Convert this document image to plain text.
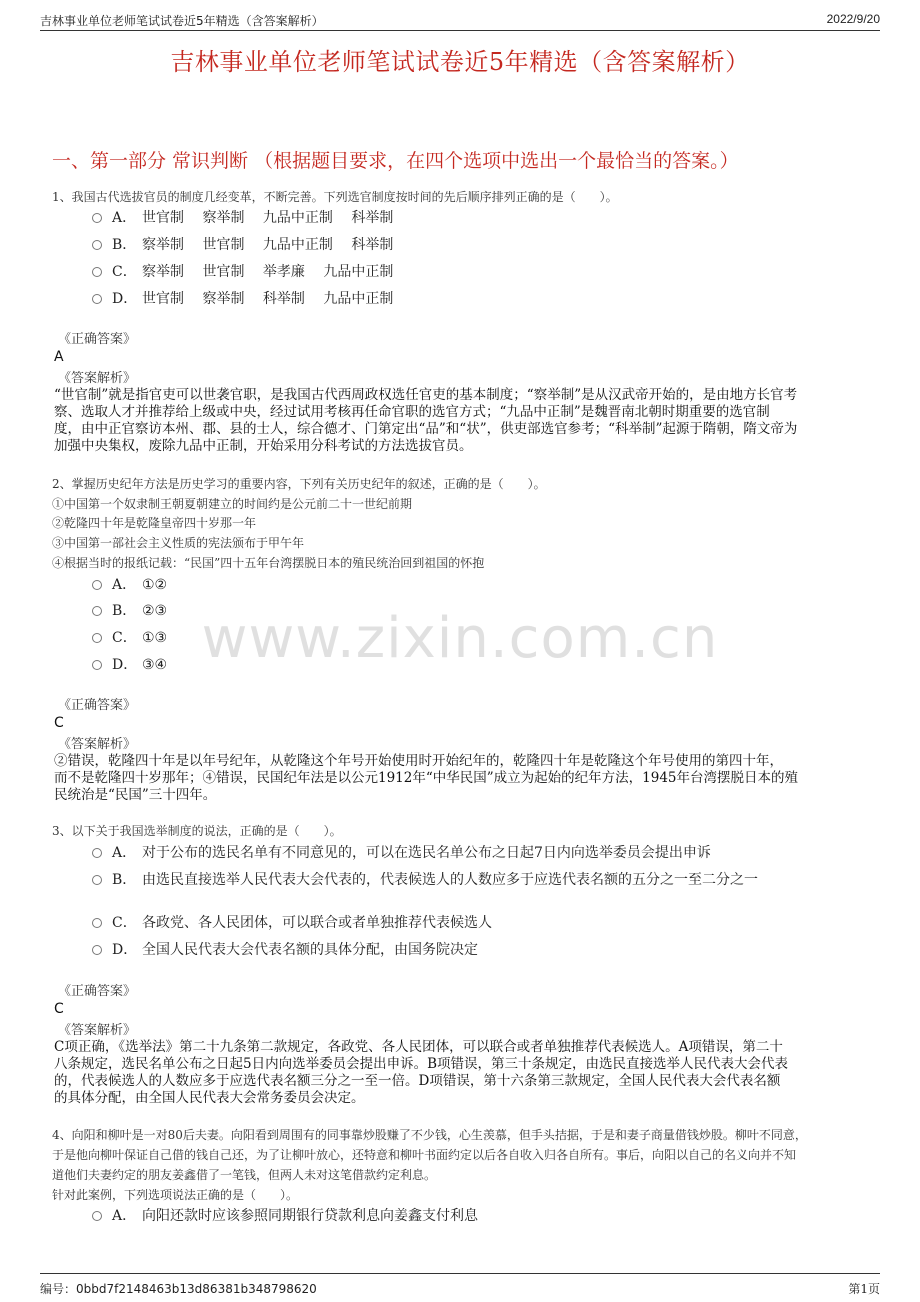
吉林事业单位老师笔试试卷近5年精选（含答案解析）	2022/9/20
吉林事业单位老师笔试试卷近5年精选（含答案解析）
一、第一部分 常识判断 （根据题目要求，在四个选项中选出一个最恰当的答案。）
www.zixin.com.cn
1、我国古代选拔官员的制度几经变革，不断完善。下列选官制度按时间的先后顺序排列正确的是（　　）。
A． 世官制　 察举制　 九品中正制　 科举制
B． 察举制　 世官制　 九品中正制　 科举制
C． 察举制　 世官制　 举孝廉　 九品中正制
D． 世官制　 察举制　 科举制　 九品中正制
《正确答案》
A
《答案解析》
“世官制”就是指官吏可以世袭官职，是我国古代西周政权选任官吏的基本制度；“察举制”是从汉武帝开始的，是由地方长官考
察、选取人才并推荐给上级或中央，经过试用考核再任命官职的选官方式；“九品中正制”是魏晋南北朝时期重要的选官制
度，由中正官察访本州、郡、县的士人，综合德才、门第定出“品”和“状”，供吏部选官参考；“科举制”起源于隋朝，隋文帝为
加强中央集权，废除九品中正制，开始采用分科考试的方法选拔官员。
2、掌握历史纪年方法是历史学习的重要内容，下列有关历史纪年的叙述，正确的是（　　）。
①中国第一个奴隶制王朝夏朝建立的时间约是公元前二十一世纪前期
②乾隆四十年是乾隆皇帝四十岁那一年
③中国第一部社会主义性质的宪法颁布于甲午年
④根据当时的报纸记载：“民国”四十五年台湾摆脱日本的殖民统治回到祖国的怀抱
A． ①②
B． ②③
C． ①③
D． ③④
《正确答案》
C
《答案解析》
②错误，乾隆四十年是以年号纪年，从乾隆这个年号开始使用时开始纪年的，乾隆四十年是乾隆这个年号使用的第四十年，
而不是乾隆四十岁那年；④错误，民国纪年法是以公元1912年“中华民国”成立为起始的纪年方法，1945年台湾摆脱日本的殖
民统治是“民国”三十四年。
3、以下关于我国选举制度的说法，正确的是（　　）。
A． 对于公布的选民名单有不同意见的，可以在选民名单公布之日起7日内向选举委员会提出申诉
B． 由选民直接选举人民代表大会代表的，代表候选人的人数应多于应选代表名额的五分之一至二分之一
C． 各政党、各人民团体，可以联合或者单独推荐代表候选人
D． 全国人民代表大会代表名额的具体分配，由国务院决定
《正确答案》
C
《答案解析》
C项正确，《选举法》第二十九条第二款规定，各政党、各人民团体，可以联合或者单独推荐代表候选人。A项错误，第二十
八条规定，选民名单公布之日起5日内向选举委员会提出申诉。B项错误，第三十条规定，由选民直接选举人民代表大会代表
的，代表候选人的人数应多于应选代表名额三分之一至一倍。D项错误，第十六条第三款规定，全国人民代表大会代表名额
的具体分配，由全国人民代表大会常务委员会决定。
4、向阳和柳叶是一对80后夫妻。向阳看到周围有的同事靠炒股赚了不少钱，心生羡慕，但手头拮据，于是和妻子商量借钱炒股。柳叶不同意，
于是他向柳叶保证自己借的钱自己还，为了让柳叶放心，还特意和柳叶书面约定以后各自收入归各自所有。事后，向阳以自己的名义向并不知
道他们夫妻约定的朋友姜鑫借了一笔钱，但两人未对这笔借款约定利息。
针对此案例，下列选项说法正确的是（　　）。
A． 向阳还款时应该参照同期银行贷款利息向姜鑫支付利息
编号：0bbd7f2148463b13d86381b348798620	第1页
